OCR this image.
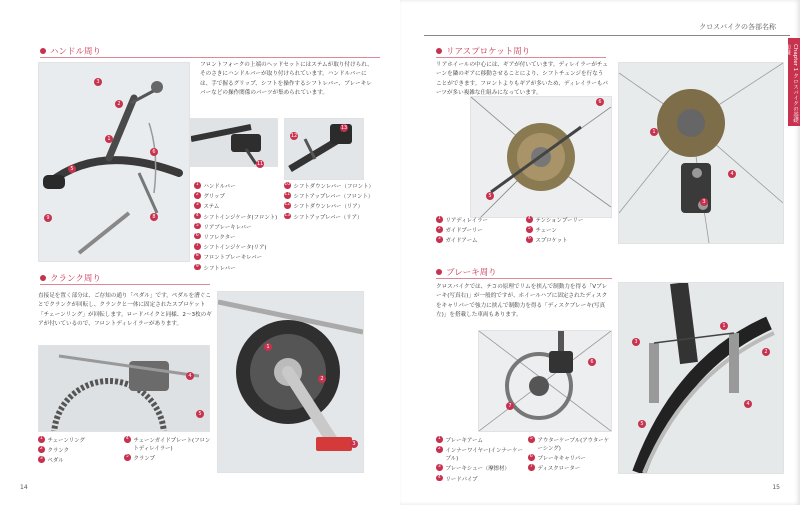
ハンドル周り
3
2
1
6
5
9	8
フロントフォークの上端のヘッドセットにはステムが取り付けられ、そのさきにハンドルバーが取り付けられています。ハンドルバーには、手で握るグリップ、シフトを操作するシフトレバー、ブレーキレバーなどの操作関係のパーツが集められています。
11
12
13
1 ハンドルバー
2 グリップ
3 ステム
4 シフトインジケータ(フロント)
5 リアブレーキレバー
6 リフレクター
7 シフトインジケータ(リア)
8 フロントブレーキレバー
9 シフトレバー
10 シフトダウンレバー（フロント）
11 シフトアップレバー（フロント）
12 シフトダウンレバー（リア）
13 シフトアップレバー（リア）
クランク周り
直接足を置く部分は、ご存知の通り「ペダル」です。ペダルを漕ぐことでクランクが回転し、クランクと一体に固定されたスプロケット「チェーンリング」が回転します。ロードバイクと同様、2〜3枚のギアが付いているので、フロントディレイラーがあります。
4
5
1
2
3
1 チェーンリング
2 クランク
3 ペダル
4 チェーンガイドプレート(フロントディレイラー)
5 クランプ
14
クロスバイクの各部名称
Chapter 1 クロスバイクの基礎知識
リアスプロケット周り
リアホイールの中心には、ギアが付いています。ディレイラーがチェーンを隣のギアに移動させることにより、シフトチェンジを行なうことができます。フロントよりもギアが多いため、ディレイラーもパーツが多い複雑な仕組みになっています。
6
5
1
3
4
1 リアディレイラー
2 ガイドプーリー
3 ガイドアーム
4 テンションプーリー
5 チェーン
6 スプロケット
ブレーキ周り
クロスバイクでは、テコの原理でリムを挟んで制動力を得る「Vブレーキ(写真右)」が一般的ですが、ホイールハブに固定されたディスクをキャリパーで強力に挟んで制動力を得る「ディスクブレーキ(写真左)」を搭載した車両もあります。
6
7
1
2
3
4
5
1 ブレーキアーム
2 インナーワイヤー(インナーケーブル)
3 ブレーキシュー（摩擦材）
4 リードパイプ
5 アウターケーブル(アウターケーシング)
6 ブレーキキャリパー
7 ディスクローター
15
